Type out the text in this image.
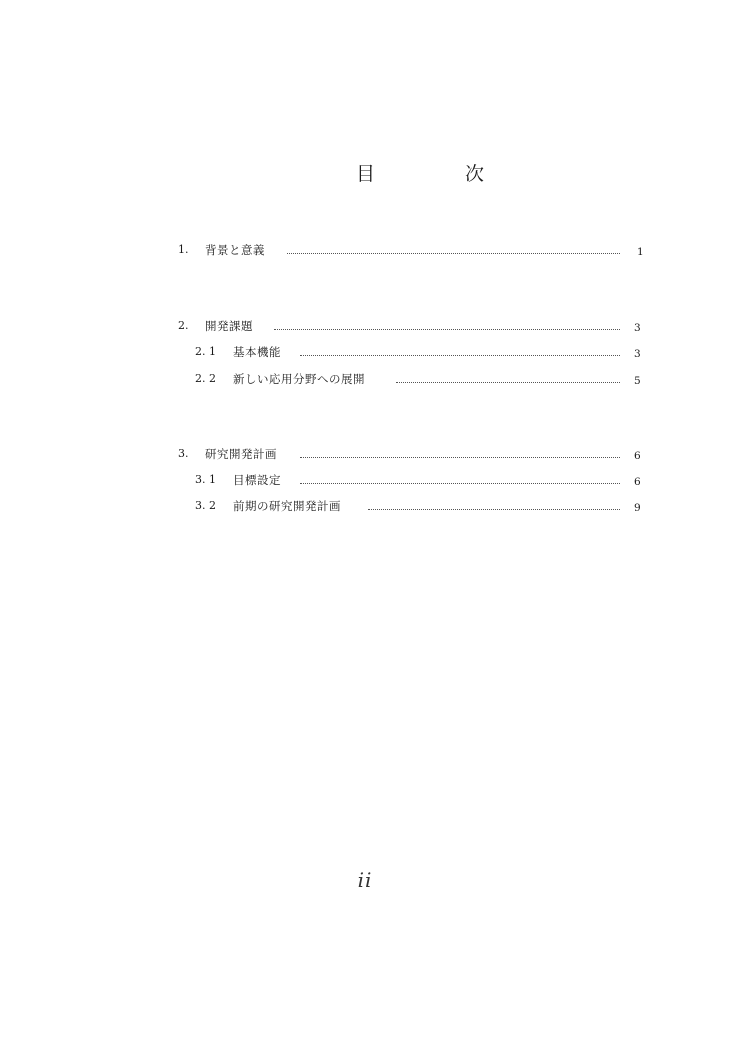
目	次
1. 背景と意義	1
2. 開発課題	3
2. 1 基本機能	3
2. 2 新しい応用分野への展開	5
3. 研究開発計画	6
3. 1 目標設定	6
3. 2 前期の研究開発計画	9
ii
